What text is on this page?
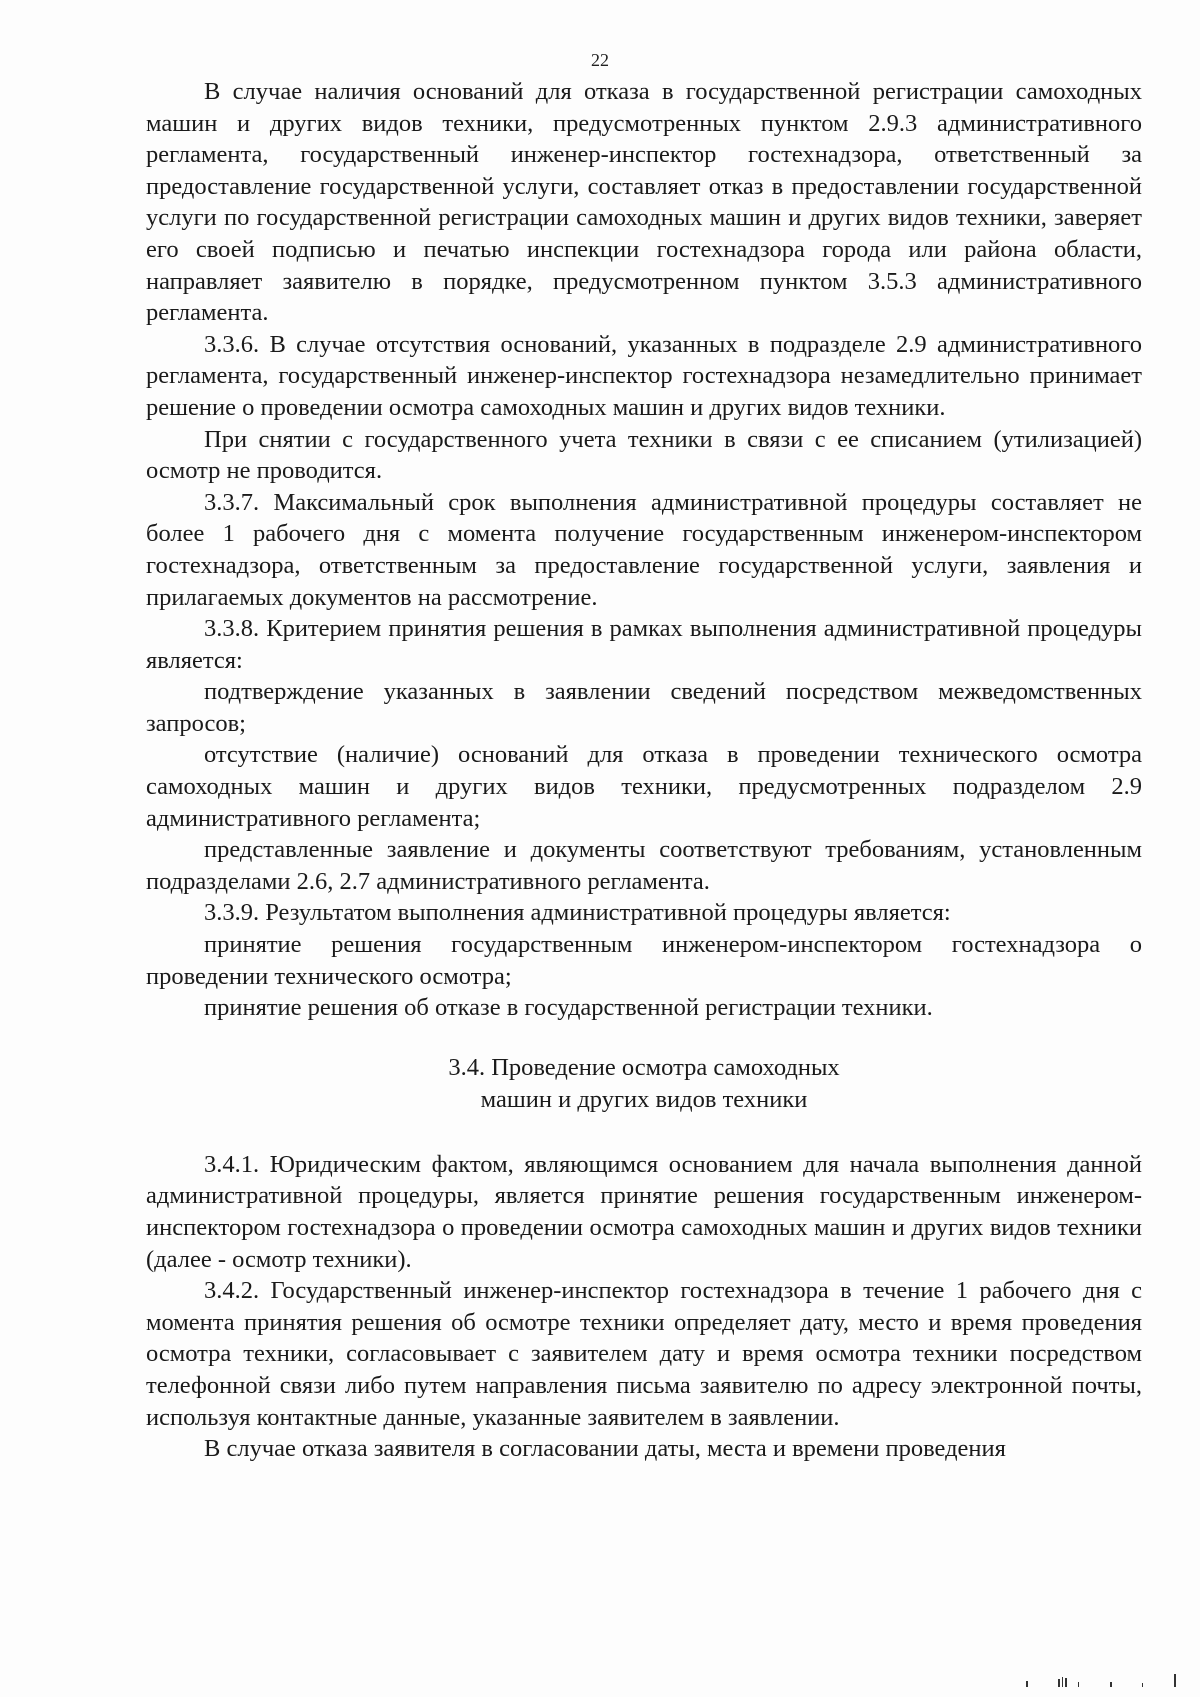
22

В случае наличия оснований для отказа в государственной регистрации самоходных машин и других видов техники, предусмотренных пунктом 2.9.3 административного регламента, государственный инженер-инспектор гостехнадзора, ответственный за предоставление государственной услуги, составляет отказ в предоставлении государственной услуги по государственной регистрации самоходных машин и других видов техники, заверяет его своей подписью и печатью инспекции гостехнадзора города или района области, направляет заявителю в порядке, предусмотренном пунктом 3.5.3 административного регламента.

3.3.6. В случае отсутствия оснований, указанных в подразделе 2.9 административного регламента, государственный инженер-инспектор гостехнадзора незамедлительно принимает решение о проведении осмотра самоходных машин и других видов техники.

При снятии с государственного учета техники в связи с ее списанием (утилизацией) осмотр не проводится.

3.3.7. Максимальный срок выполнения административной процедуры составляет не более 1 рабочего дня с момента получение государственным инженером-инспектором гостехнадзора, ответственным за предоставление государственной услуги, заявления и прилагаемых документов на рассмотрение.

3.3.8. Критерием принятия решения в рамках выполнения административной процедуры является:

подтверждение указанных в заявлении сведений посредством межведомственных запросов;

отсутствие (наличие) оснований для отказа в проведении технического осмотра самоходных машин и других видов техники, предусмотренных подразделом 2.9 административного регламента;

представленные заявление и документы соответствуют требованиям, установленным подразделами 2.6, 2.7 административного регламента.

3.3.9. Результатом выполнения административной процедуры является:

принятие решения государственным инженером-инспектором гостехнадзора о проведении технического осмотра;

принятие решения об отказе в государственной регистрации техники.

3.4. Проведение осмотра самоходных
машин и других видов техники

3.4.1. Юридическим фактом, являющимся основанием для начала выполнения данной административной процедуры, является принятие решения государственным инженером-инспектором гостехнадзора о проведении осмотра самоходных машин и других видов техники (далее - осмотр техники).

3.4.2. Государственный инженер-инспектор гостехнадзора в течение 1 рабочего дня с момента принятия решения об осмотре техники определяет дату, место и время проведения осмотра техники, согласовывает с заявителем дату и время осмотра техники посредством телефонной связи либо путем направления письма заявителю по адресу электронной почты, используя контактные данные, указанные заявителем в заявлении.

В случае отказа заявителя в согласовании даты, места и времени проведения
